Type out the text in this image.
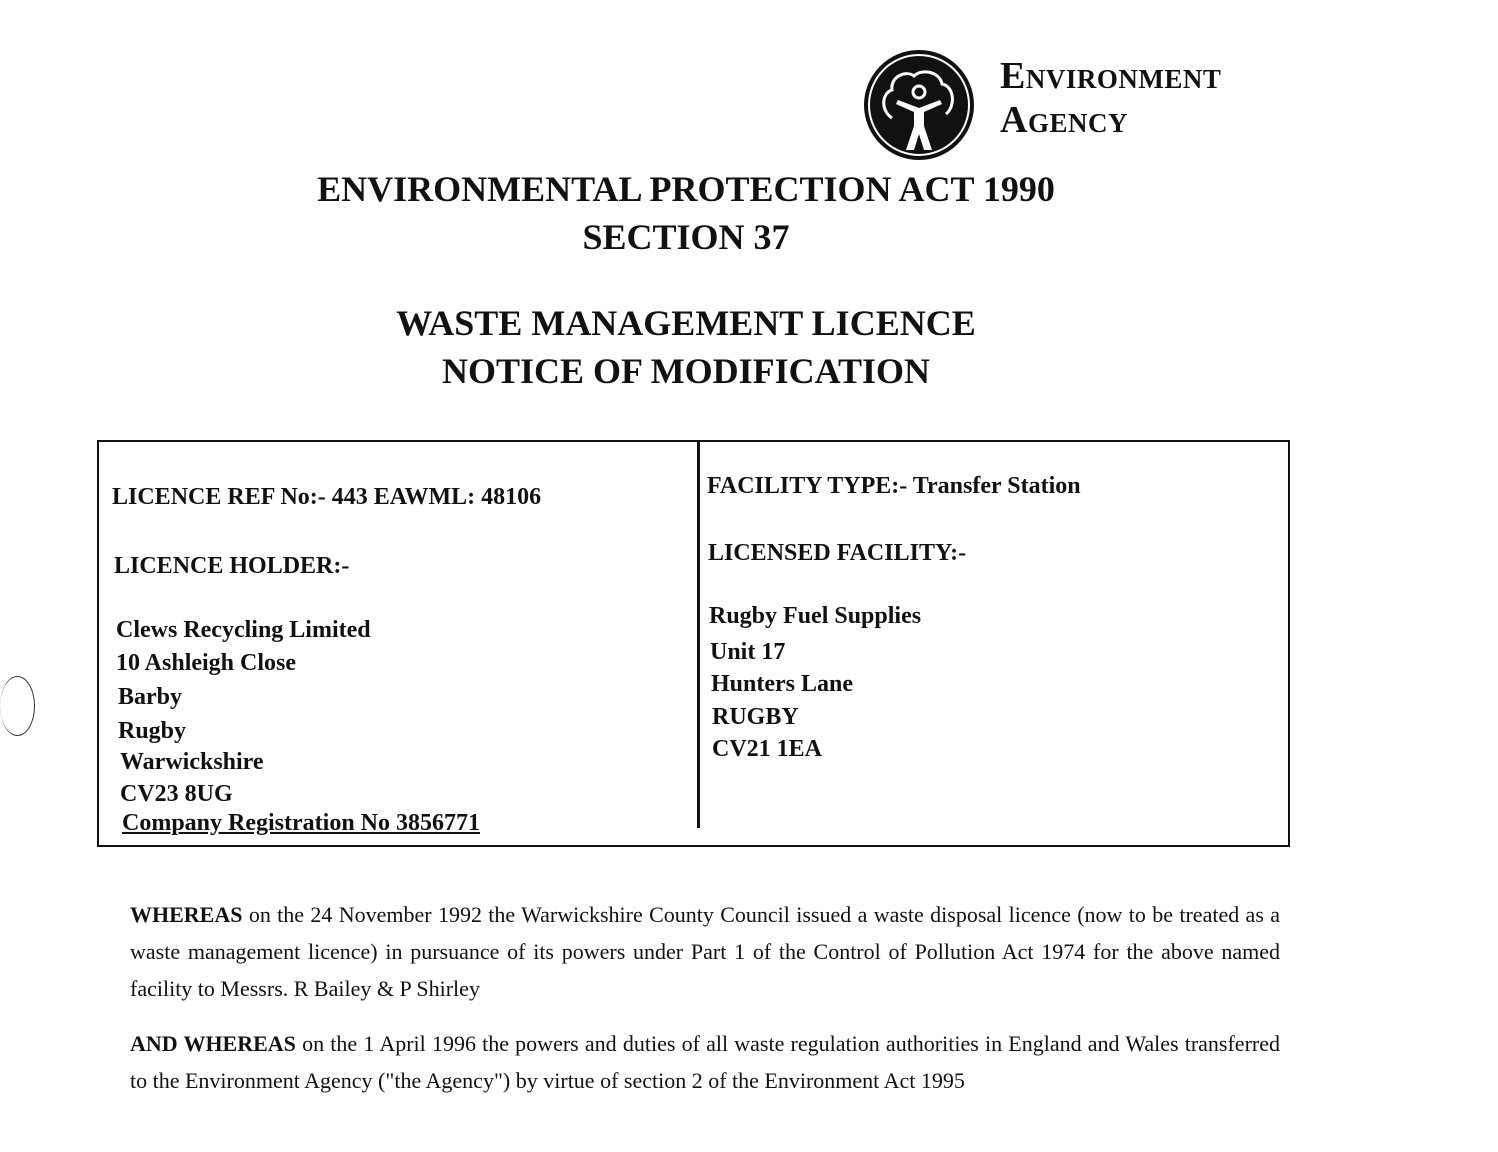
Environment
Agency
ENVIRONMENTAL PROTECTION ACT 1990
SECTION 37
WASTE MANAGEMENT LICENCE
NOTICE OF MODIFICATION
LICENCE REF No:- 443 EAWML: 48106
LICENCE HOLDER:-
Clews Recycling Limited
10 Ashleigh Close
Barby
Rugby
Warwickshire
CV23 8UG
Company Registration No 3856771
FACILITY TYPE:- Transfer Station
LICENSED FACILITY:-
Rugby Fuel Supplies
Unit 17
Hunters Lane
RUGBY
CV21 1EA
WHEREAS on the 24 November 1992 the Warwickshire County Council issued a waste disposal licence (now to be treated as a waste management licence) in pursuance of its powers under Part 1 of the Control of Pollution Act 1974 for the above named facility to Messrs. R Bailey & P Shirley
AND WHEREAS on the 1 April 1996 the powers and duties of all waste regulation authorities in England and Wales transferred to the Environment Agency ("the Agency") by virtue of section 2 of the Environment Act 1995
